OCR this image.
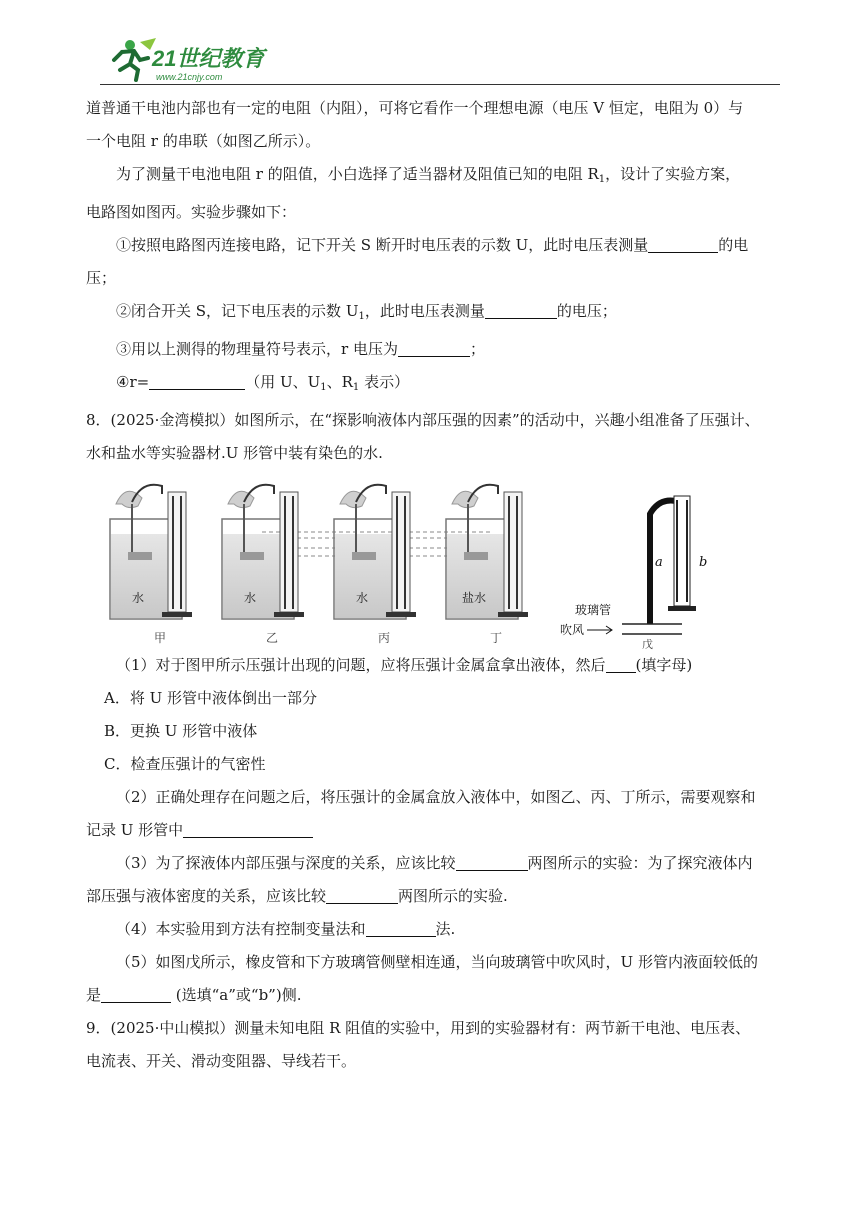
21世纪教育
www.21cnjy.com

道普通干电池内部也有一定的电阻（内阻），可将它看作一个理想电源（电压 V 恒定，电阻为 0）与

一个电阻 r 的串联（如图乙所示）。

为了测量干电池电阻 r 的阻值，小白选择了适当器材及阻值已知的电阻 $R_1$，设计了实验方案，

电路图如图丙。实验步骤如下：

①按照电路图丙连接电路，记下开关 S 断开时电压表的示数 U，此时电压表测量	的电

压；

②闭合开关 S，记下电压表的示数 $U_1$，此时电压表测量	的电压；

③用以上测得的物理量符号表示，r 电压为	；

④r=	（用 U、$U_1$、$R_1$ 表示）

8．(2025·金湾模拟）如图所示，在“探影响液体内部压强的因素”的活动中，兴趣小组准备了压强计、

水和盐水等实验器材.U 形管中装有染色的水.

水	水	水	盐水
甲	乙	丙	丁
a	b
玻璃管
吹风
戊

（1）对于图甲所示压强计出现的问题，应将压强计金属盒拿出液体，然后 (填字母)

A．将 U 形管中液体倒出一部分

B．更换 U 形管中液体

C．检查压强计的气密性

（2）正确处理存在问题之后，将压强计的金属盒放入液体中，如图乙、丙、丁所示，需要观察和

记录 U 形管中

（3）为了探液体内部压强与深度的关系，应该比较	两图所示的实验：为了探究液体内

部压强与液体密度的关系，应该比较	两图所示的实验.

（4）本实验用到方法有控制变量法和	法.

（5）如图戊所示，橡皮管和下方玻璃管侧壁相连通，当向玻璃管中吹风时，U 形管内液面较低的

是	(选填“a”或“b”)侧.

9．(2025·中山模拟）测量未知电阻 R 阻值的实验中，用到的实验器材有：两节新干电池、电压表、

电流表、开关、滑动变阻器、导线若干。
